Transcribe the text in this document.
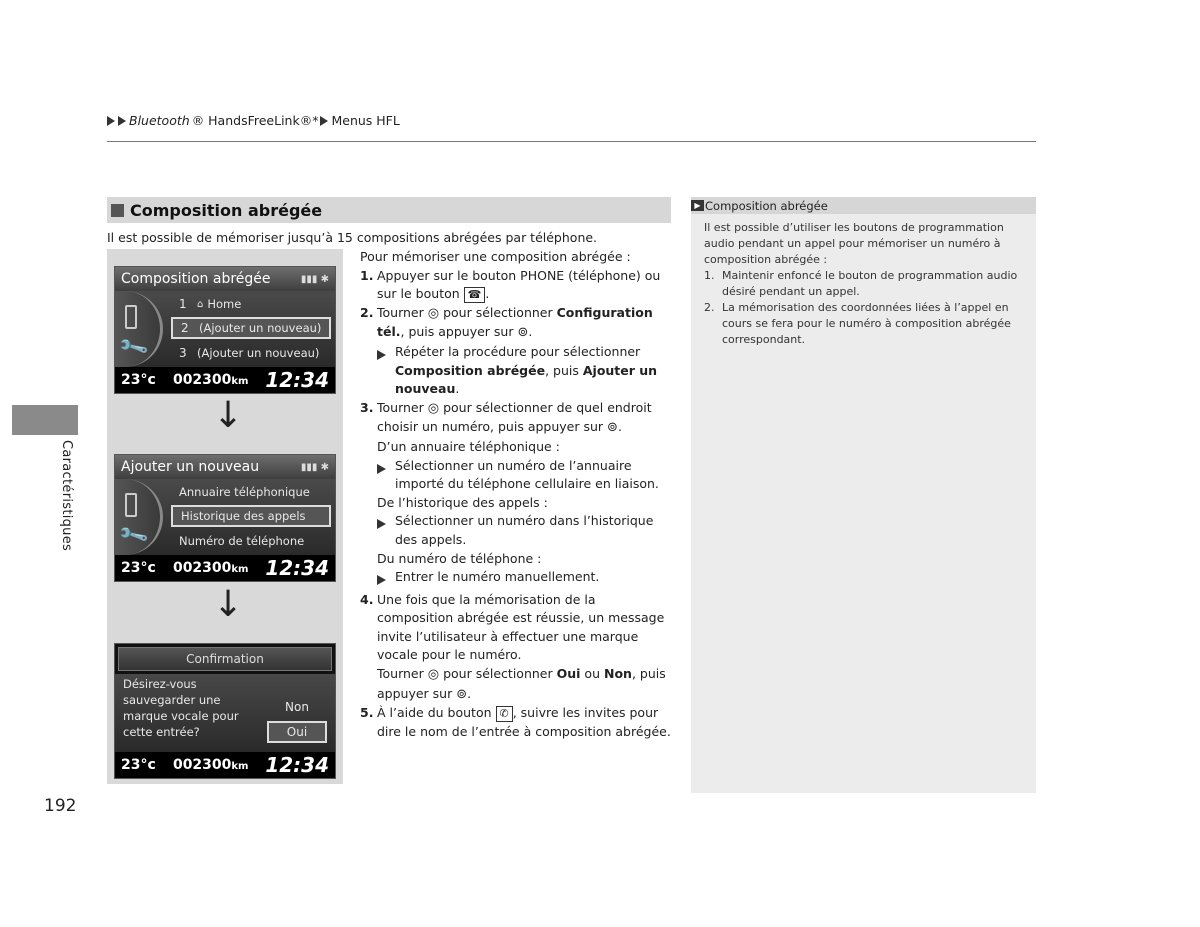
Bluetooth ® HandsFreeLink®* Menus HFL
Caractéristiques
Composition abrégée
Il est possible de mémoriser jusqu’à 15 compositions abrégées par téléphone.
Composition abrégée	▮▮▮ ✱
🔧
1	⌂ Home
2 (Ajouter un nouveau)
3 (Ajouter un nouveau)
23°c	002300km 12:34
↓
Ajouter un nouveau	▮▮▮ ✱
🔧
Annuaire téléphonique
Historique des appels
Numéro de téléphone
23°c	002300km 12:34
↓
Confirmation
Désirez-vous
sauvegarder une
marque vocale pour
cette entrée?
Non
Oui
23°c	002300km 12:34
Pour mémoriser une composition abrégée :
1. Appuyer sur le bouton PHONE (téléphone) ou sur le bouton ☎ .
2. Tourner ◎ pour sélectionner Configuration tél., puis appuyer sur ⊚.
Répéter la procédure pour sélectionner Composition abrégée, puis Ajouter un nouveau.
3. Tourner ◎ pour sélectionner de quel endroit choisir un numéro, puis appuyer sur ⊚.
D’un annuaire téléphonique :
Sélectionner un numéro de l’annuaire importé du téléphone cellulaire en liaison.
De l’historique des appels :
Sélectionner un numéro dans l’historique des appels.
Du numéro de téléphone :
Entrer le numéro manuellement.
4. Une fois que la mémorisation de la composition abrégée est réussie, un message invite l’utilisateur à effectuer une marque vocale pour le numéro.
Tourner ◎ pour sélectionner Oui ou Non, puis appuyer sur ⊚.
5. À l’aide du bouton ✆ , suivre les invites pour dire le nom de l’entrée à composition abrégée.
▶ Composition abrégée

Il est possible d’utiliser les boutons de programmation audio pendant un appel pour mémoriser un numéro à composition abrégée :

1. Maintenir enfoncé le bouton de programmation audio désiré pendant un appel.
2. La mémorisation des coordonnées liées à l’appel en cours se fera pour le numéro à composition abrégée correspondant.
192
